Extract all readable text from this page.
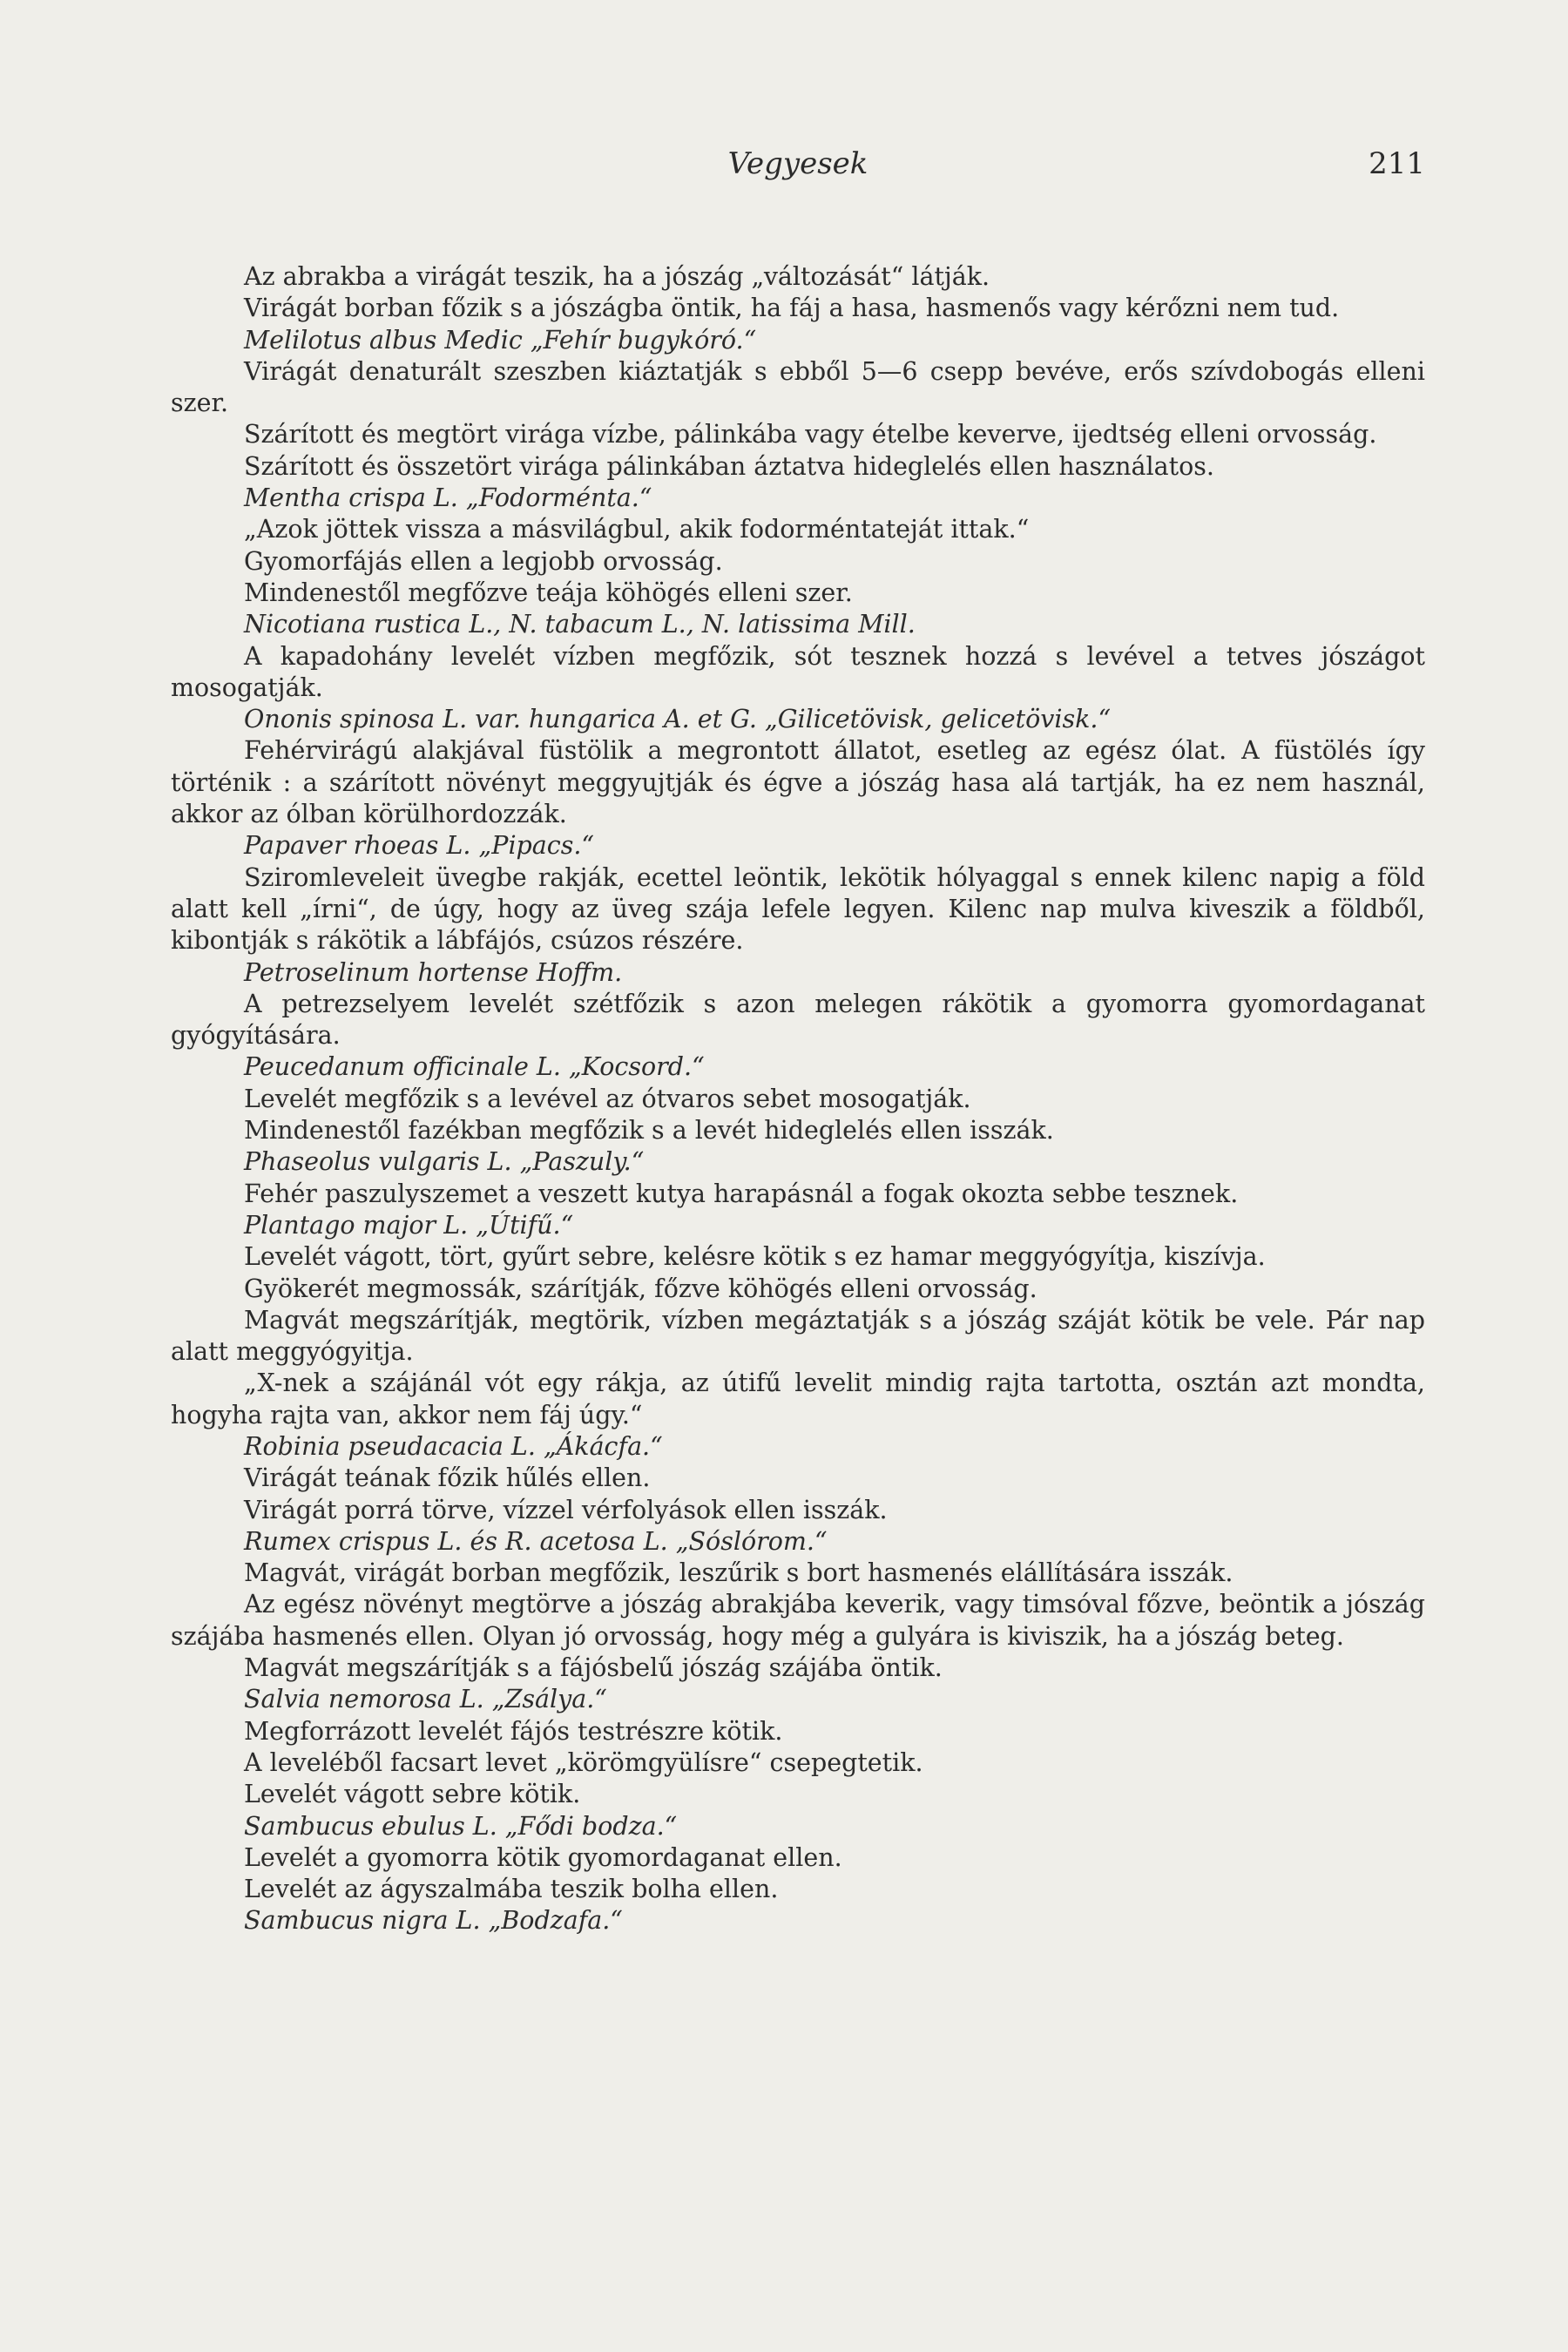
Vegyesek	211

Az abrakba a virágát teszik, ha a jószág „változását“ látják.

Virágát borban főzik s a jószágba öntik, ha fáj a hasa, hasmenős vagy kérőzni nem tud.

Melilotus albus Medic „Fehír bugykóró.“

Virágát denaturált szeszben kiáztatják s ebből 5—6 csepp bevéve, erős szívdobogás elleni szer.

Szárított és megtört virága vízbe, pálinkába vagy ételbe keverve, ijedtség elleni orvosság.

Szárított és összetört virága pálinkában áztatva hideglelés ellen használatos.

Mentha crispa L. „Fodorménta.“

„Azok jöttek vissza a másvilágbul, akik fodorméntateját ittak.“

Gyomorfájás ellen a legjobb orvosság.

Mindenestől megfőzve teája köhögés elleni szer.

Nicotiana rustica L., N. tabacum L., N. latissima Mill.

A kapadohány levelét vízben megfőzik, sót tesznek hozzá s levével a tetves jószágot mosogatják.

Ononis spinosa L. var. hungarica A. et G. „Gilicetövisk, gelicetövisk.“

Fehérvirágú alakjával füstölik a megrontott állatot, esetleg az egész ólat. A füstölés így történik : a szárított növényt meggyujtják és égve a jószág hasa alá tartják, ha ez nem használ, akkor az ólban körülhordozzák.

Papaver rhoeas L. „Pipacs.“

Sziromleveleit üvegbe rakják, ecettel leöntik, lekötik hólyaggal s ennek kilenc napig a föld alatt kell „írni“, de úgy, hogy az üveg szája lefele legyen. Kilenc nap mulva kiveszik a földből, kibontják s rákötik a lábfájós, csúzos részére.

Petroselinum hortense Hoffm.

A petrezselyem levelét szétfőzik s azon melegen rákötik a gyomorra gyomordaganat gyógyítására.

Peucedanum officinale L. „Kocsord.“

Levelét megfőzik s a levével az ótvaros sebet mosogatják.

Mindenestől fazékban megfőzik s a levét hideglelés ellen isszák.

Phaseolus vulgaris L. „Paszuly.“

Fehér paszulyszemet a veszett kutya harapásnál a fogak okozta sebbe tesznek.

Plantago major L. „Útifű.“

Levelét vágott, tört, gyűrt sebre, kelésre kötik s ez hamar meggyógyítja, kiszívja.

Gyökerét megmossák, szárítják, főzve köhögés elleni orvosság.

Magvát megszárítják, megtörik, vízben megáztatják s a jószág száját kötik be vele. Pár nap alatt meggyógyitja.

„X-nek a szájánál vót egy rákja, az útifű levelit mindig rajta tartotta, osztán azt mondta, hogyha rajta van, akkor nem fáj úgy.“

Robinia pseudacacia L. „Ákácfa.“

Virágát teának főzik hűlés ellen.

Virágát porrá törve, vízzel vérfolyások ellen isszák.

Rumex crispus L. és R. acetosa L. „Sóslórom.“

Magvát, virágát borban megfőzik, leszűrik s bort hasmenés elállítására isszák.

Az egész növényt megtörve a jószág abrakjába keverik, vagy timsóval főzve, beöntik a jószág szájába hasmenés ellen. Olyan jó orvosság, hogy még a gulyára is kiviszik, ha a jószág beteg.

Magvát megszárítják s a fájósbelű jószág szájába öntik.

Salvia nemorosa L. „Zsálya.“

Megforrázott levelét fájós testrészre kötik.

A leveléből facsart levet „körömgyülísre“ csepegtetik.

Levelét vágott sebre kötik.

Sambucus ebulus L. „Fődi bodza.“

Levelét a gyomorra kötik gyomordaganat ellen.

Levelét az ágyszalmába teszik bolha ellen.

Sambucus nigra L. „Bodzafa.“
